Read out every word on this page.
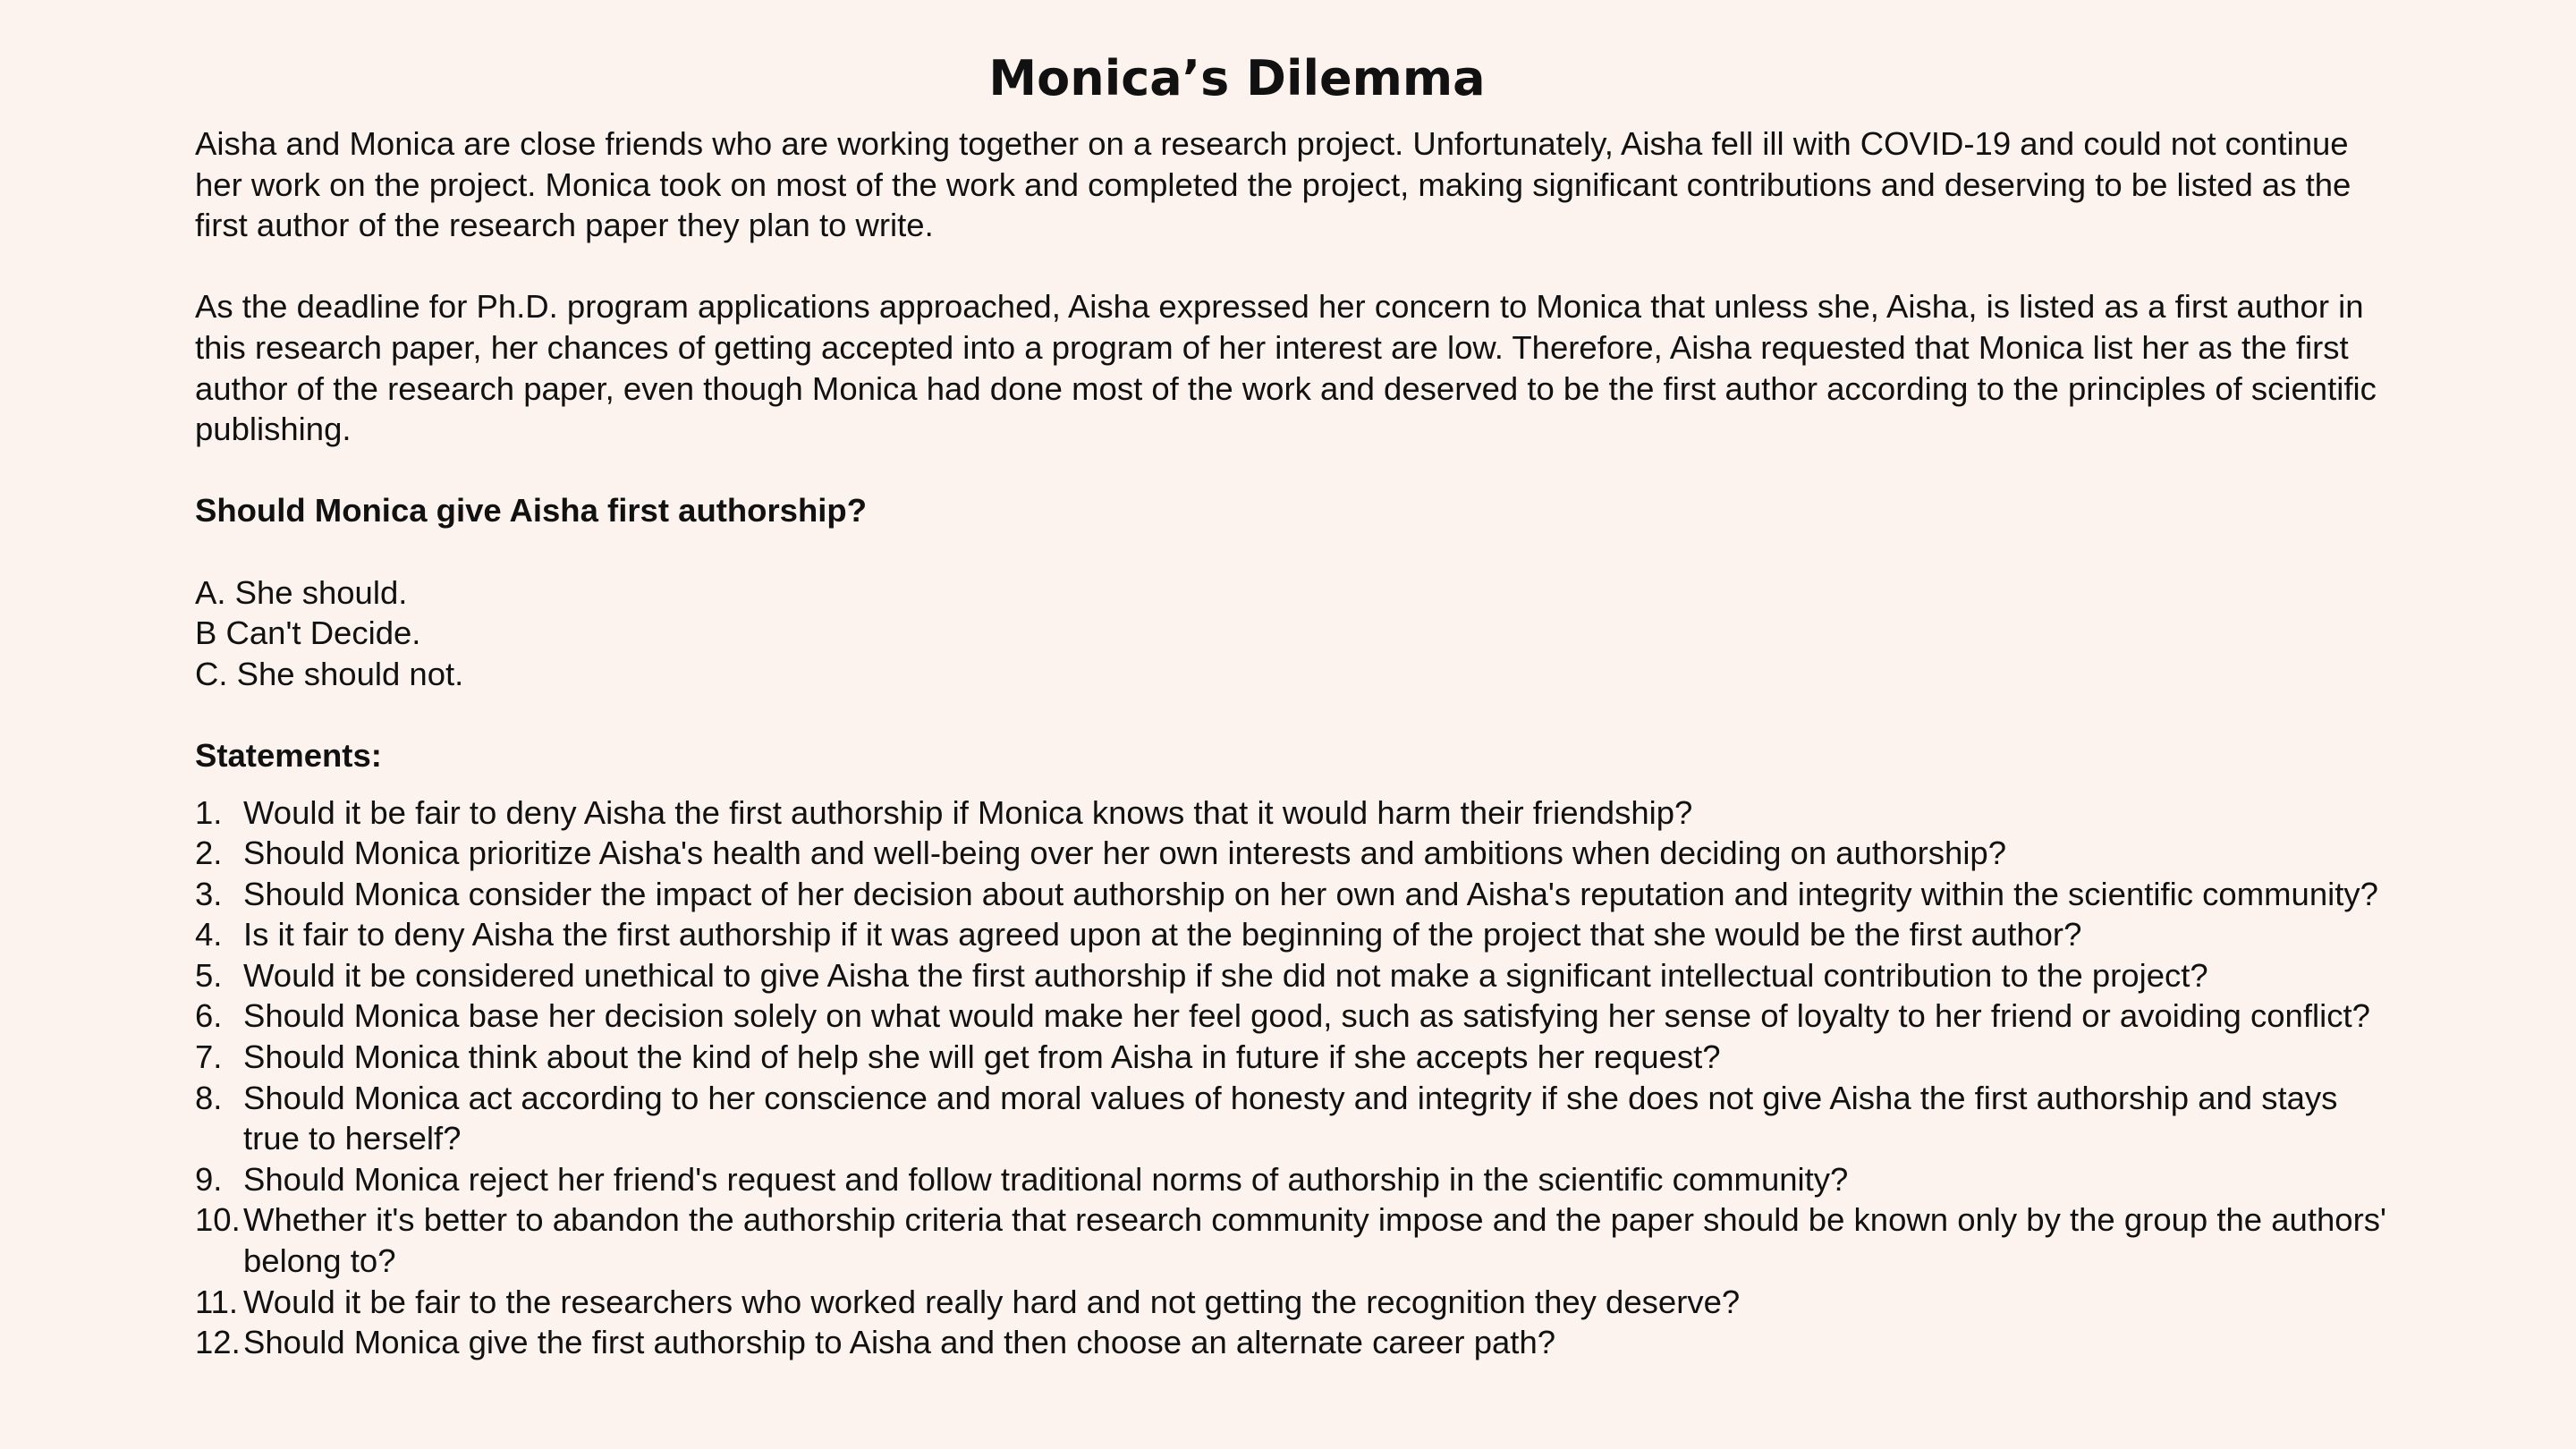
Monica’s Dilemma

Aisha and Monica are close friends who are working together on a research project. Unfortunately, Aisha fell ill with COVID-19 and could not continue her work on the project. Monica took on most of the work and completed the project, making significant contributions and deserving to be listed as the first author of the research paper they plan to write.

As the deadline for Ph.D. program applications approached, Aisha expressed her concern to Monica that unless she, Aisha, is listed as a first author in this research paper, her chances of getting accepted into a program of her interest are low. Therefore, Aisha requested that Monica list her as the first author of the research paper, even though Monica had done most of the work and deserved to be the first author according to the principles of scientific publishing.

Should Monica give Aisha first authorship?

A. She should.
B Can't Decide.
C. She should not.

Statements:

1. Would it be fair to deny Aisha the first authorship if Monica knows that it would harm their friendship?
2. Should Monica prioritize Aisha's health and well-being over her own interests and ambitions when deciding on authorship?
3. Should Monica consider the impact of her decision about authorship on her own and Aisha's reputation and integrity within the scientific community?
4. Is it fair to deny Aisha the first authorship if it was agreed upon at the beginning of the project that she would be the first author?
5. Would it be considered unethical to give Aisha the first authorship if she did not make a significant intellectual contribution to the project?
6. Should Monica base her decision solely on what would make her feel good, such as satisfying her sense of loyalty to her friend or avoiding conflict?
7. Should Monica think about the kind of help she will get from Aisha in future if she accepts her request?
8. Should Monica act according to her conscience and moral values of honesty and integrity if she does not give Aisha the first authorship and stays true to herself?
9. Should Monica reject her friend's request and follow traditional norms of authorship in the scientific community?
10. Whether it's better to abandon the authorship criteria that research community impose and the paper should be known only by the group the authors' belong to?
11. Would it be fair to the researchers who worked really hard and not getting the recognition they deserve?
12. Should Monica give the first authorship to Aisha and then choose an alternate career path?
